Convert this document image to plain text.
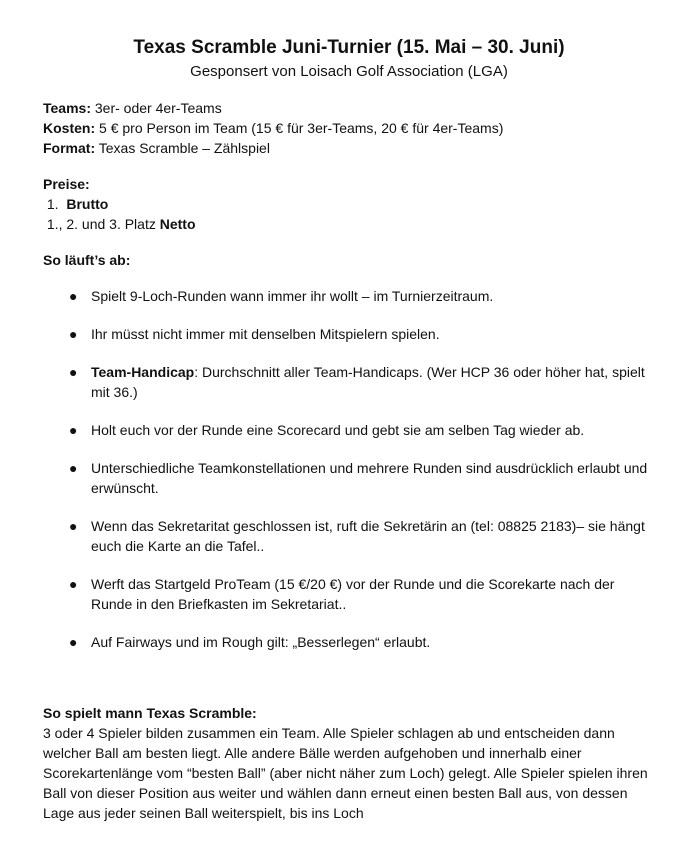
Texas Scramble Juni-Turnier (15. Mai – 30. Juni)

Gesponsert von Loisach Golf Association (LGA)

Teams: 3er- oder 4er-Teams

Kosten: 5 € pro Person im Team (15 € für 3er-Teams, 20 € für 4er-Teams)

Format: Texas Scramble – Zählspiel

Preise:

1.  Brutto

1., 2. und 3. Platz Netto

So läuft’s ab:

● Spielt 9-Loch-Runden wann immer ihr wollt – im Turnierzeitraum.
● Ihr müsst nicht immer mit denselben Mitspielern spielen.
● Team-Handicap: Durchschnitt aller Team-Handicaps. (Wer HCP 36 oder höher hat, spielt mit 36.)
● Holt euch vor der Runde eine Scorecard und gebt sie am selben Tag wieder ab.
● Unterschiedliche Teamkonstellationen und mehrere Runden sind ausdrücklich erlaubt und erwünscht.
● Wenn das Sekretaritat geschlossen ist, ruft die Sekretärin an (tel: 08825 2183)– sie hängt euch die Karte an die Tafel..
● Werft das Startgeld ProTeam (15 €/20 €) vor der Runde und die Scorekarte nach der Runde in den Briefkasten im Sekretariat..
● Auf Fairways und im Rough gilt: „Besserlegen“ erlaubt.

So spielt mann Texas Scramble:

3 oder 4 Spieler bilden zusammen ein Team. Alle Spieler schlagen ab und entscheiden dann welcher Ball am besten liegt. Alle andere Bälle werden aufgehoben und innerhalb einer Scorekartenlänge vom “besten Ball” (aber nicht näher zum Loch) gelegt. Alle Spieler spielen ihren Ball von dieser Position aus weiter und wählen dann erneut einen besten Ball aus, von dessen Lage aus jeder seinen Ball weiterspielt, bis ins Loch
